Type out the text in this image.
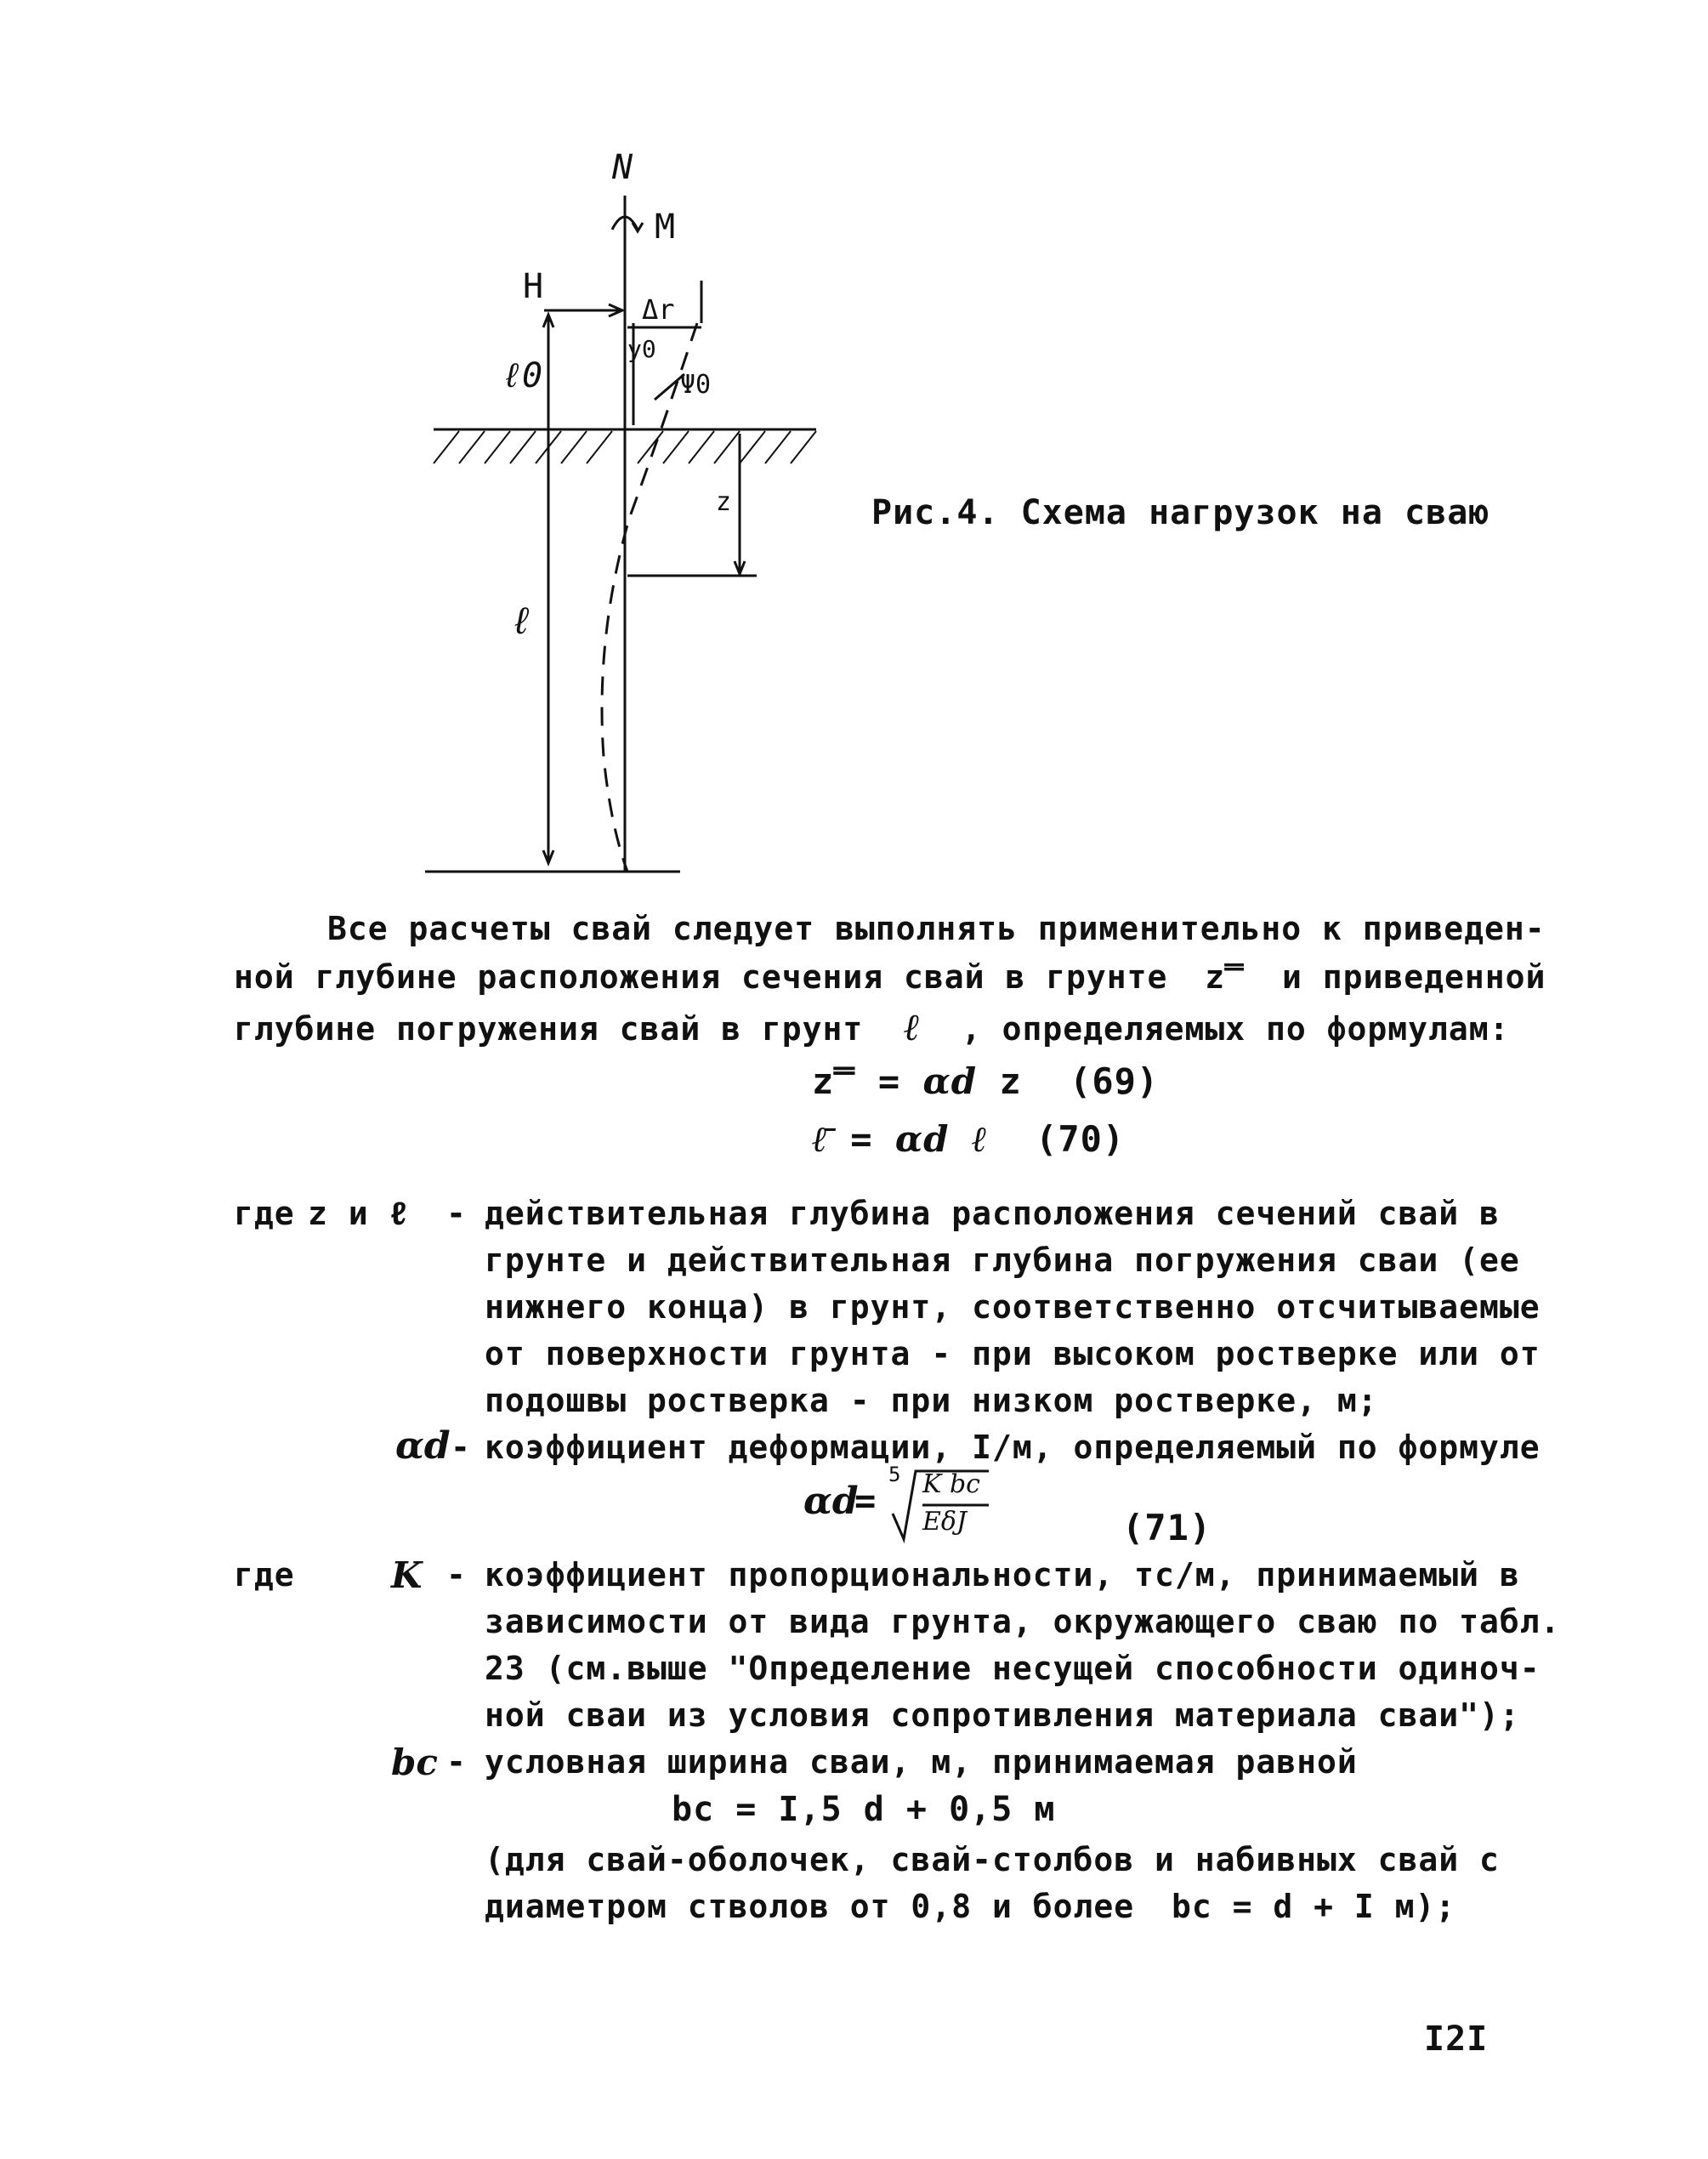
N
M
H
Δr
y0
Ψ0
ℓ0
z
ℓ
Рис.4. Схема нагрузок на сваю
Все расчеты свай следует выполнять применительно к приведен-
ной глубине расположения сечения свай в грунте z̿ и приведенной
глубине погружения свай в грунт ℓ , определяемых по формулам:
z̿ = αd z (69)
ℓ̄ = αd ℓ (70)
где z и ℓ - действительная глубина расположения сечений свай в
грунте и действительная глубина погружения сваи (ее
нижнего конца) в грунт, соответственно отсчитываемые
от поверхности грунта - при высоком ростверке или от
подошвы ростверка - при низком ростверке, м;
αd - коэффициент деформации, I/м, определяемый по формуле
αd
=
5 K bc
EδJ	(71)
где	K - коэффициент пропорциональности, тс/м, принимаемый в
зависимости от вида грунта, окружающего сваю по табл.
23 (см.выше "Определение несущей способности одиноч-
ной сваи из условия сопротивления материала сваи");
bc - условная ширина сваи, м, принимаемая равной
bc = I,5 d + 0,5 м
(для свай-оболочек, свай-столбов и набивных свай с
диаметром стволов от 0,8 и более bc = d + I м);
I2I
